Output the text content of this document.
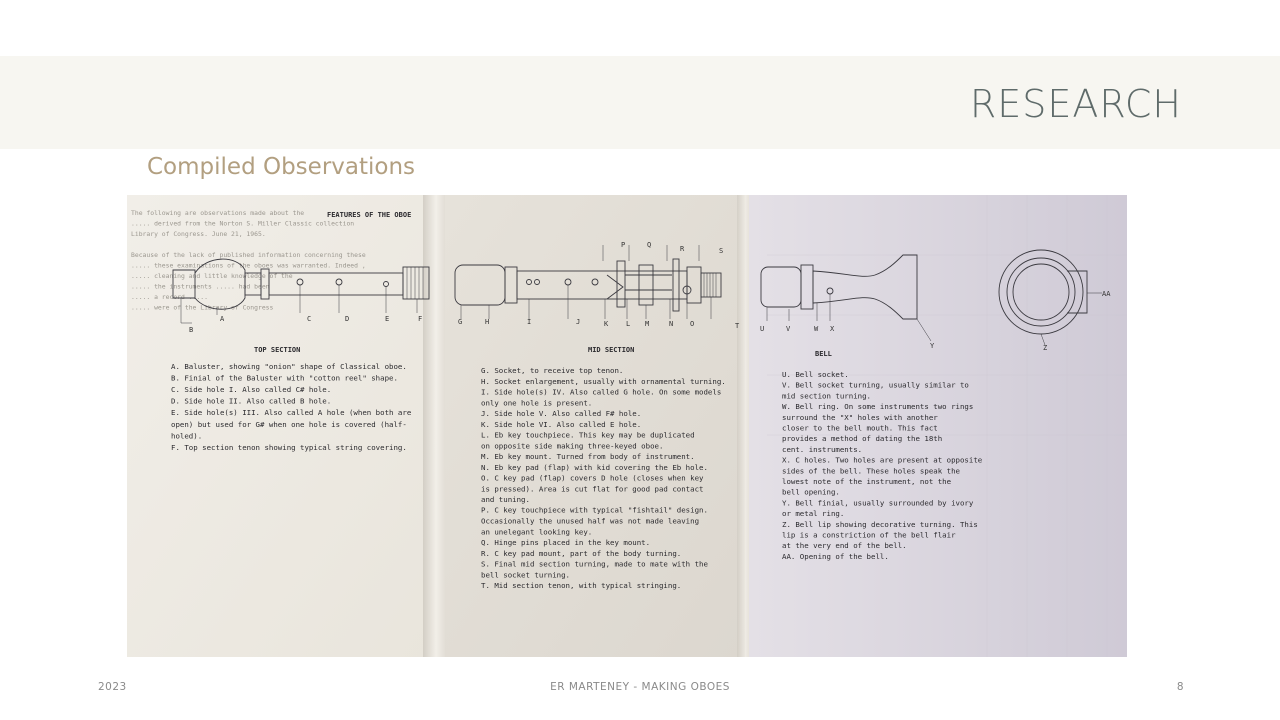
RESEARCH
Compiled Observations
The following are observations made about the
..... derived from the Norton S. Miller Classic collection
Library of Congress. June 21, 1965.
Because of the lack of published information concerning these
..... these examinations of the oboes was warranted. Indeed ,
..... cleaning and little knowledge of the
..... the instruments ..... had been
..... a record .....
..... were of the Library of Congress
FEATURES OF THE OBOE
B
A	C	D	E	F
TOP SECTION
A. Baluster, showing "onion" shape of Classical oboe.
B. Finial of the Baluster with "cotton reel" shape.
C. Side hole I. Also called C# hole.
D. Side hole II. Also called B hole.
E. Side hole(s) III. Also called A hole (when both are
open) but used for G# when one hole is covered (half-
holed).
F. Top section tenon showing typical string covering.
P	Q	R	S
G	H	I	J	K	L M	N O	T
MID SECTION
G. Socket, to receive top tenon.
H. Socket enlargement, usually with ornamental turning.
I. Side hole(s) IV. Also called G hole. On some models
only one hole is present.
J. Side hole V. Also called F# hole.
K. Side hole VI. Also called E hole.
L. Eb key touchpiece. This key may be duplicated
on opposite side making three-keyed oboe.
M. Eb key mount. Turned from body of instrument.
N. Eb key pad (flap) with kid covering the Eb hole.
O. C key pad (flap) covers D hole (closes when key
is pressed). Area is cut flat for good pad contact
and tuning.
P. C key touchpiece with typical "fishtail" design.
Occasionally the unused half was not made leaving
an unelegant looking key.
Q. Hinge pins placed in the key mount.
R. C key pad mount, part of the body turning.
S. Final mid section turning, made to mate with the
bell socket turning.
T. Mid section tenon, with typical stringing.
U	V	W X
Y	Z
AA
BELL
U. Bell socket.
V. Bell socket turning, usually similar to
mid section turning.
W. Bell ring. On some instruments two rings
surround the "X" holes with another
closer to the bell mouth. This fact
provides a method of dating the 18th
cent. instruments.
X. C holes. Two holes are present at opposite
sides of the bell. These holes speak the
lowest note of the instrument, not the
bell opening.
Y. Bell finial, usually surrounded by ivory
or metal ring.
Z. Bell lip showing decorative turning. This
lip is a constriction of the bell flair
at the very end of the bell.
AA. Opening of the bell.
2023	ER MARTENEY - MAKING OBOES	8
